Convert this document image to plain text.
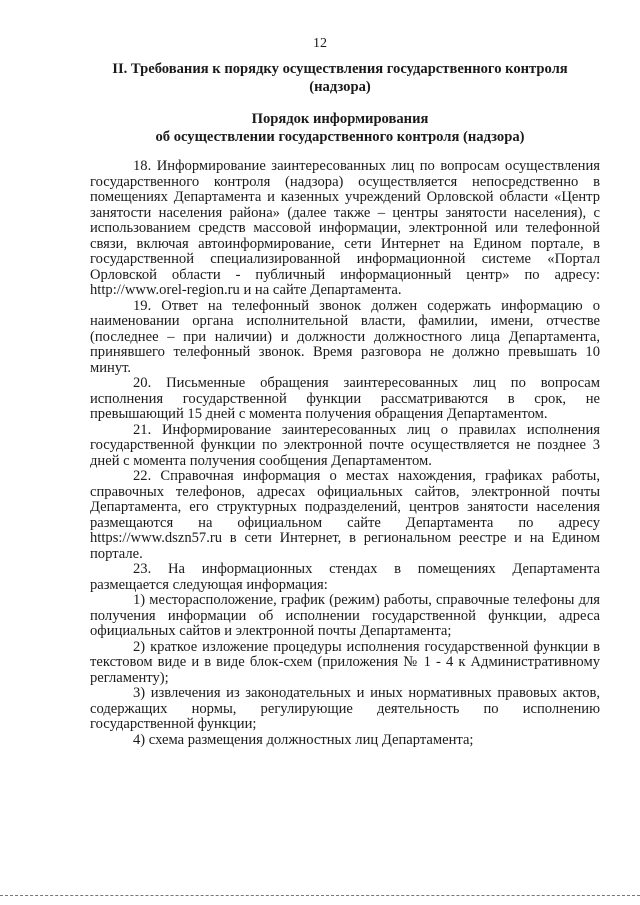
12
II. Требования к порядку осуществления государственного контроля (надзора)
Порядок информирования
об осуществлении государственного контроля (надзора)

18. Информирование заинтересованных лиц по вопросам осуществления государственного контроля (надзора) осуществляется непосредственно в помещениях Департамента и казенных учреждений Орловской области «Центр занятости населения района» (далее также – центры занятости населения), с использованием средств массовой информации, электронной или телефонной связи, включая автоинформирование, сети Интернет на Едином портале, в государственной специализированной информационной системе «Портал Орловской области - публичный информационный центр» по адресу: http://www.orel-region.ru и на сайте Департамента.

19. Ответ на телефонный звонок должен содержать информацию о наименовании органа исполнительной власти, фамилии, имени, отчестве (последнее – при наличии) и должности должностного лица Департамента, принявшего телефонный звонок. Время разговора не должно превышать 10 минут.

20. Письменные обращения заинтересованных лиц по вопросам исполнения государственной функции рассматриваются в срок, не превышающий 15 дней с момента получения обращения Департаментом.

21. Информирование заинтересованных лиц о правилах исполнения государственной функции по электронной почте осуществляется не позднее 3 дней с момента получения сообщения Департаментом.

22. Справочная информация о местах нахождения, графиках работы, справочных телефонов, адресах официальных сайтов, электронной почты Департамента, его структурных подразделений, центров занятости населения размещаются на официальном сайте Департамента по адресу https://www.dszn57.ru в сети Интернет, в региональном реестре и на Едином портале.

23. На информационных стендах в помещениях Департамента размещается следующая информация:

1) месторасположение, график (режим) работы, справочные телефоны для получения информации об исполнении государственной функции, адреса официальных сайтов и электронной почты Департамента;

2) краткое изложение процедуры исполнения государственной функции в текстовом виде и в виде блок-схем (приложения № 1 - 4 к Административному регламенту);

3) извлечения из законодательных и иных нормативных правовых актов, содержащих нормы, регулирующие деятельность по исполнению государственной функции;

4) схема размещения должностных лиц Департамента;
